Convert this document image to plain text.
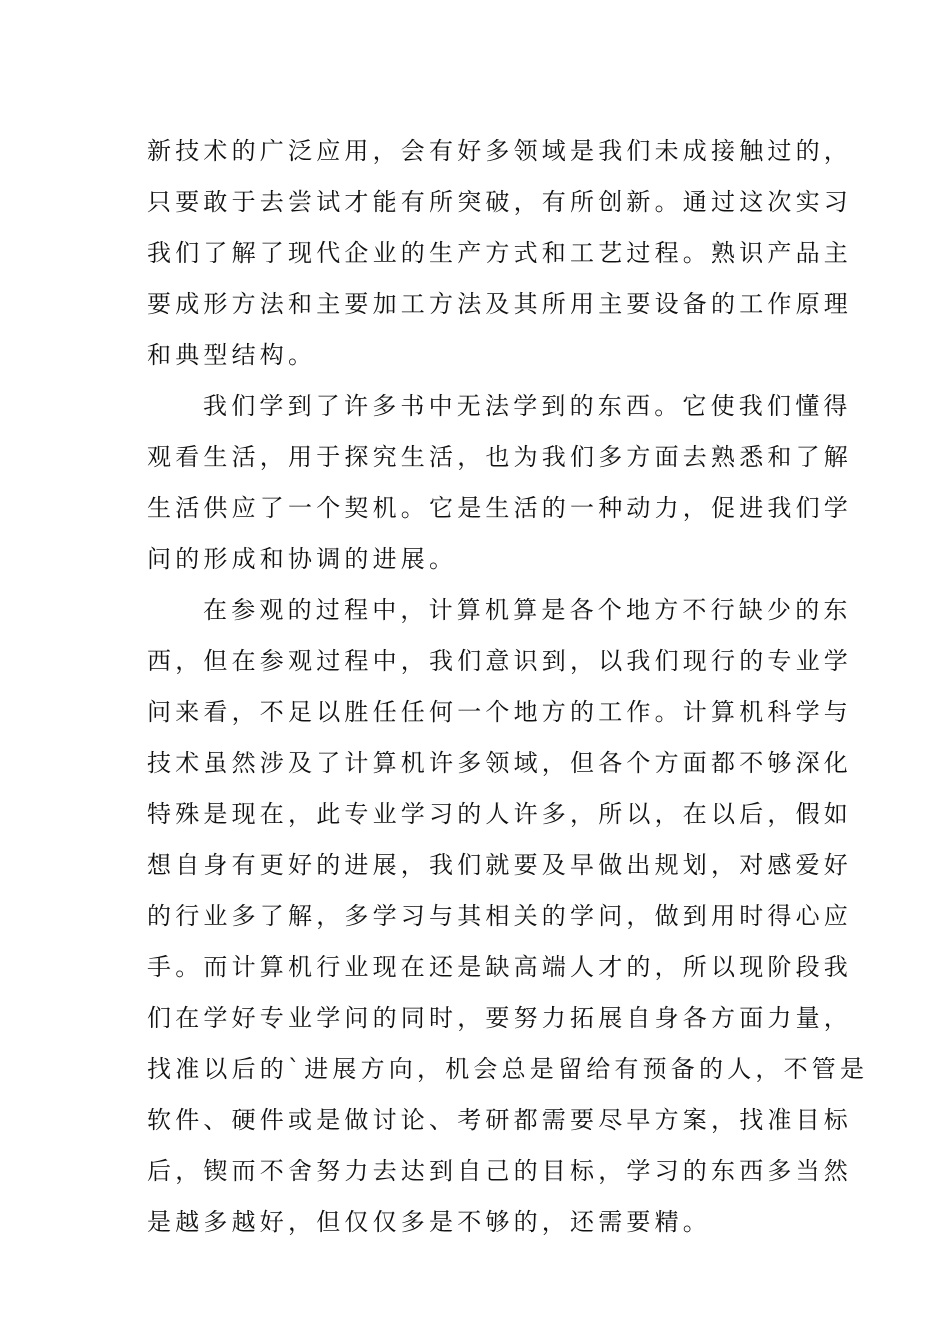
新技术的广泛应用，会有好多领域是我们未成接触过的，
只要敢于去尝试才能有所突破，有所创新。通过这次实习
我们了解了现代企业的生产方式和工艺过程。熟识产品主
要成形方法和主要加工方法及其所用主要设备的工作原理
和典型结构。
我们学到了许多书中无法学到的东西。它使我们懂得
观看生活，用于探究生活，也为我们多方面去熟悉和了解
生活供应了一个契机。它是生活的一种动力，促进我们学
问的形成和协调的进展。
在参观的过程中，计算机算是各个地方不行缺少的东
西，但在参观过程中，我们意识到，以我们现行的专业学
问来看，不足以胜任任何一个地方的工作。计算机科学与
技术虽然涉及了计算机许多领域，但各个方面都不够深化
特殊是现在，此专业学习的人许多，所以，在以后，假如
想自身有更好的进展，我们就要及早做出规划，对感爱好
的行业多了解，多学习与其相关的学问，做到用时得心应
手。而计算机行业现在还是缺高端人才的，所以现阶段我
们在学好专业学问的同时，要努力拓展自身各方面力量，
找准以后的`进展方向，机会总是留给有预备的人，不管是
软件、硬件或是做讨论、考研都需要尽早方案，找准目标
后，锲而不舍努力去达到自己的目标，学习的东西多当然
是越多越好，但仅仅多是不够的，还需要精。
